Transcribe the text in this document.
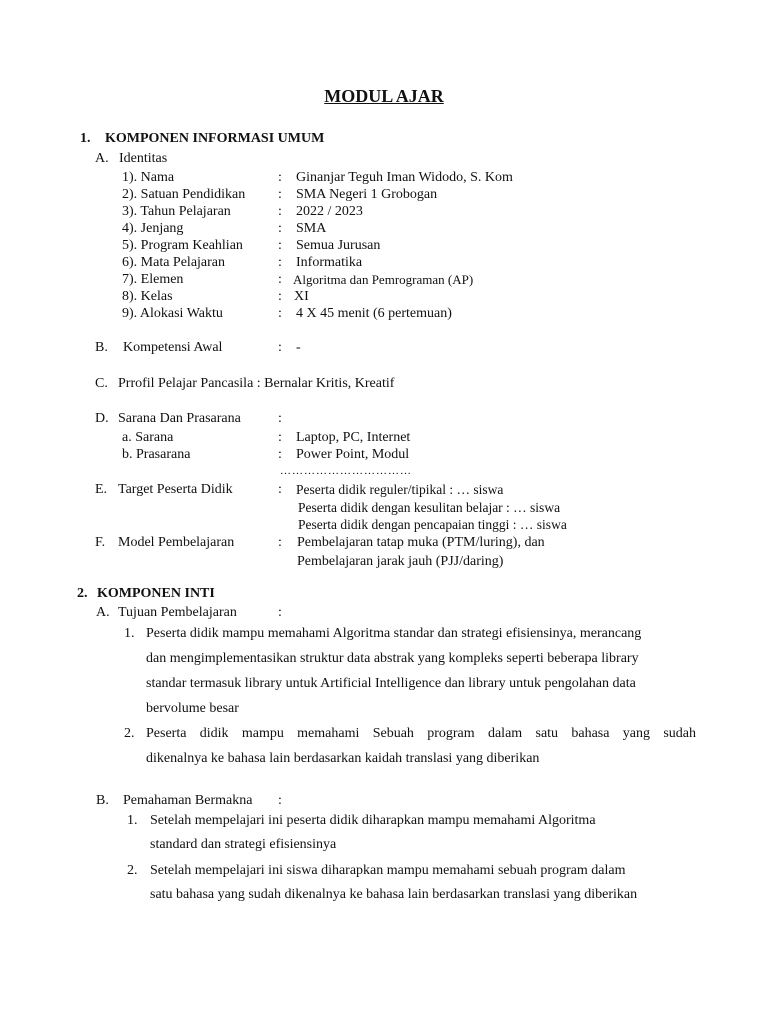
MODUL AJAR
1. KOMPONEN INFORMASI UMUM
A. Identitas
1). Nama	: Ginanjar Teguh Iman Widodo, S. Kom
2). Satuan Pendidikan : SMA Negeri 1 Grobogan
3). Tahun Pelajaran	: 2022 / 2023
4). Jenjang	: SMA
5). Program Keahlian	: Semua Jurusan
6). Mata Pelajaran	: Informatika
7). Elemen	: Algoritma dan Pemrograman (AP)
8). Kelas	: XI
9). Alokasi Waktu	: 4 X 45 menit (6 pertemuan)
B. Kompetensi Awal	: -
C. Prrofil Pelajar Pancasila : Bernalar Kritis, Kreatif
D. Sarana Dan Prasarana	:
a. Sarana	: Laptop, PC, Internet
b. Prasarana	: Power Point, Modul
……………………………
E. Target Peserta Didik	: Peserta didik reguler/tipikal : … siswa
Peserta didik dengan kesulitan belajar : … siswa
Peserta didik dengan pencapaian tinggi : … siswa
F. Model Pembelajaran	: Pembelajaran tatap muka (PTM/luring), dan
Pembelajaran jarak jauh (PJJ/daring)
2. KOMPONEN INTI
A. Tujuan Pembelajaran	:
1. Peserta didik mampu memahami Algoritma standar dan strategi efisiensinya, merancang
dan mengimplementasikan struktur data abstrak yang kompleks seperti beberapa library
standar termasuk library untuk Artificial Intelligence dan library untuk pengolahan data
bervolume besar
2. Peserta didik mampu memahami Sebuah program dalam satu bahasa yang sudah
dikenalnya ke bahasa lain berdasarkan kaidah translasi yang diberikan
B. Pemahaman Bermakna :
1. Setelah mempelajari ini peserta didik diharapkan mampu memahami Algoritma
standard dan strategi efisiensinya
2. Setelah mempelajari ini siswa diharapkan mampu memahami sebuah program dalam
satu bahasa yang sudah dikenalnya ke bahasa lain berdasarkan translasi yang diberikan
